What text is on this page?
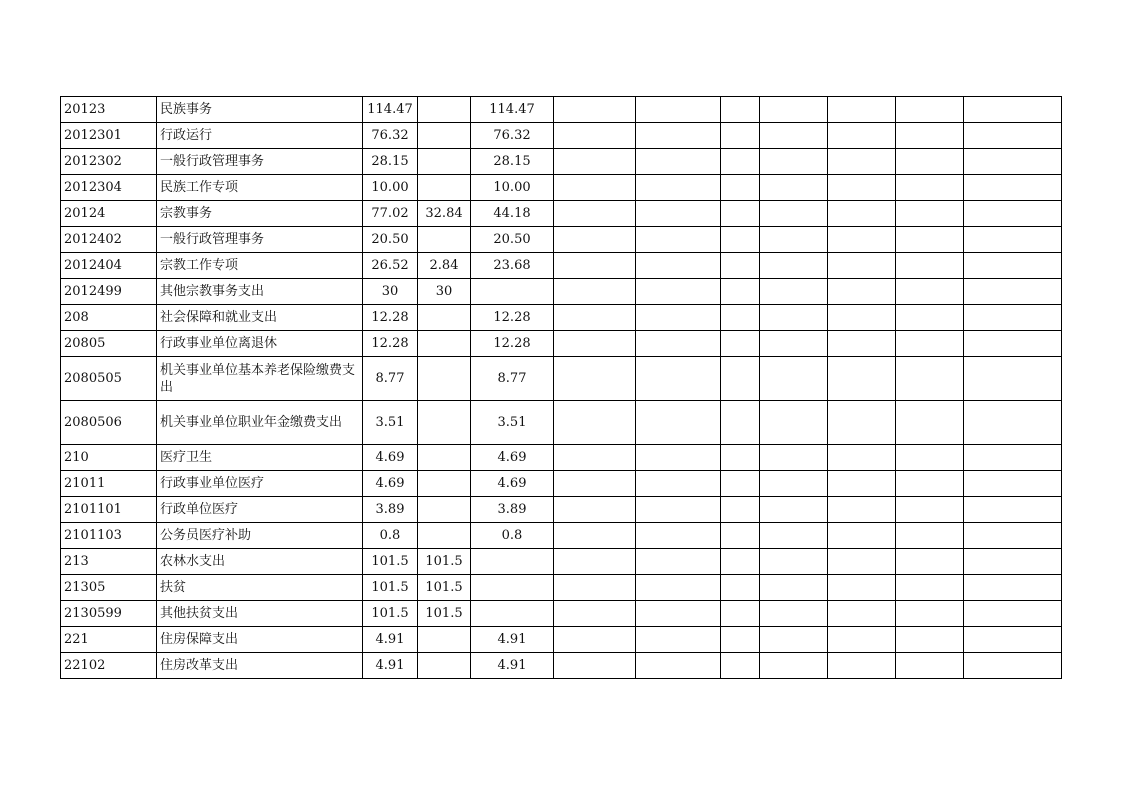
20123	民族事务	114.47		114.47							
2012301	行政运行	76.32		76.32							
2012302	一般行政管理事务	28.15		28.15							
2012304	民族工作专项	10.00		10.00							
20124	宗教事务	77.02	32.84	44.18							
2012402	一般行政管理事务	20.50		20.50							
2012404	宗教工作专项	26.52	2.84	23.68							
2012499	其他宗教事务支出	30	30								
208	社会保障和就业支出	12.28		12.28							
20805	行政事业单位离退休	12.28		12.28							
2080505	机关事业单位基本养老保险缴费支出	8.77		8.77							
2080506	机关事业单位职业年金缴费支出	3.51		3.51							
210	医疗卫生	4.69		4.69							
21011	行政事业单位医疗	4.69		4.69							
2101101	行政单位医疗	3.89		3.89							
2101103	公务员医疗补助	0.8		0.8							
213	农林水支出	101.5	101.5								
21305	扶贫	101.5	101.5								
2130599	其他扶贫支出	101.5	101.5								
221	住房保障支出	4.91		4.91							
22102	住房改革支出	4.91		4.91							
